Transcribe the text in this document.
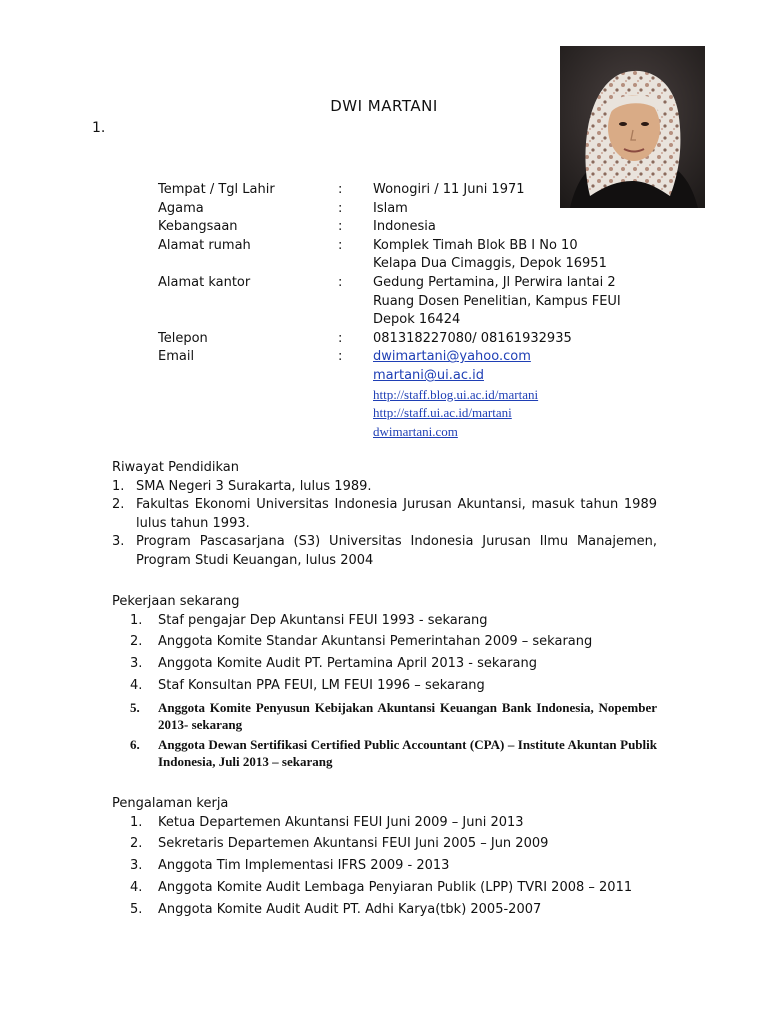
DWI MARTANI
1.
Tempat / Tgl Lahir	:	Wonogiri / 11 Juni 1971
Agama	:	Islam
Kebangsaan	:	Indonesia
Alamat rumah	:	Komplek Timah Blok BB I No 10
Kelapa Dua Cimaggis, Depok 16951
Alamat kantor	:	Gedung Pertamina, Jl Perwira lantai 2
Ruang Dosen Penelitian, Kampus FEUI
Depok 16424
Telepon	:	081318227080/ 08161932935
Email	:	dwimartani@yahoo.com
martani@ui.ac.id
http://staff.blog.ui.ac.id/martani
http://staff.ui.ac.id/martani
dwimartani.com
Riwayat Pendidikan
1. SMA Negeri 3 Surakarta, lulus 1989.
2. Fakultas Ekonomi Universitas Indonesia Jurusan Akuntansi, masuk tahun 1989 lulus tahun 1993.
3. Program Pascasarjana (S3) Universitas Indonesia Jurusan Ilmu Manajemen, Program Studi Keuangan, lulus 2004
Pekerjaan sekarang
1.	Staf pengajar Dep Akuntansi FEUI 1993 - sekarang
2.	Anggota Komite Standar Akuntansi Pemerintahan 2009 – sekarang
3.	Anggota Komite Audit PT. Pertamina April 2013 - sekarang
4.	Staf Konsultan PPA FEUI, LM FEUI 1996 – sekarang
5.	Anggota Komite Penyusun Kebijakan Akuntansi Keuangan Bank Indonesia, Nopember 2013- sekarang
6.	Anggota Dewan Sertifikasi Certified Public Accountant (CPA) – Institute Akuntan Publik Indonesia, Juli 2013 – sekarang
Pengalaman kerja
1.	Ketua Departemen Akuntansi FEUI Juni 2009 – Juni 2013
2.	Sekretaris Departemen Akuntansi FEUI Juni 2005 – Jun 2009
3.	Anggota Tim Implementasi IFRS 2009 - 2013
4.	Anggota Komite Audit Lembaga Penyiaran Publik (LPP) TVRI 2008 – 2011
5.	Anggota Komite Audit Audit PT. Adhi Karya(tbk) 2005-2007
